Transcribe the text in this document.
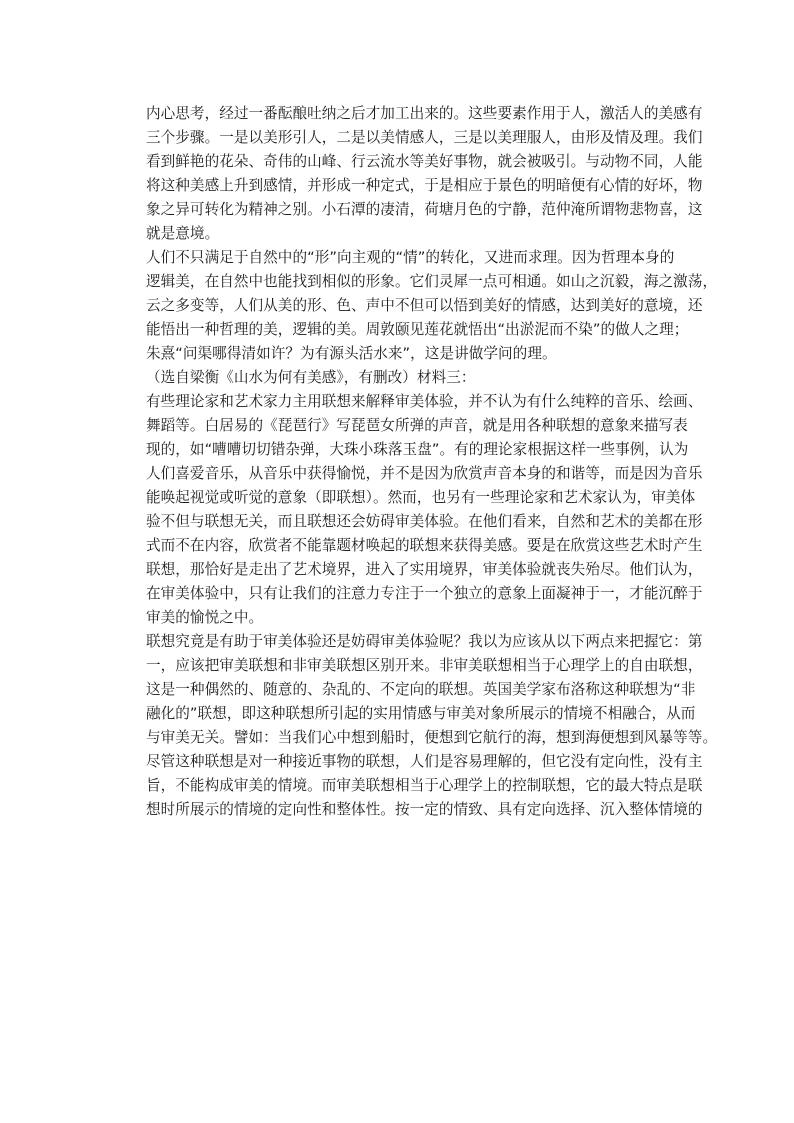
内心思考，经过一番酝酿吐纳之后才加工出来的。这些要素作用于人，激活人的美感有
三个步骤。一是以美形引人，二是以美情感人，三是以美理服人，由形及情及理。我们
看到鲜艳的花朵、奇伟的山峰、行云流水等美好事物，就会被吸引。与动物不同，人能
将这种美感上升到感情，并形成一种定式，于是相应于景色的明暗便有心情的好坏，物
象之异可转化为精神之别。小石潭的凄清，荷塘月色的宁静，范仲淹所谓物悲物喜，这
就是意境。
人们不只满足于自然中的“形”向主观的“情”的转化，又进而求理。因为哲理本身的
逻辑美，在自然中也能找到相似的形象。它们灵犀一点可相通。如山之沉毅，海之激荡，
云之多变等，人们从美的形、色、声中不但可以悟到美好的情感，达到美好的意境，还
能悟出一种哲理的美，逻辑的美。周敦颐见莲花就悟出“出淤泥而不染”的做人之理；
朱熹“问渠哪得清如许？为有源头活水来”，这是讲做学问的理。
（选自梁衡《山水为何有美感》，有删改）材料三：
有些理论家和艺术家力主用联想来解释审美体验，并不认为有什么纯粹的音乐、绘画、
舞蹈等。白居易的《琵琶行》写琵琶女所弹的声音，就是用各种联想的意象来描写表
现的，如“嘈嘈切切错杂弹，大珠小珠落玉盘”。有的理论家根据这样一些事例，认为
人们喜爱音乐，从音乐中获得愉悦，并不是因为欣赏声音本身的和谐等，而是因为音乐
能唤起视觉或听觉的意象（即联想）。然而，也另有一些理论家和艺术家认为，审美体
验不但与联想无关，而且联想还会妨碍审美体验。在他们看来，自然和艺术的美都在形
式而不在内容，欣赏者不能靠题材唤起的联想来获得美感。要是在欣赏这些艺术时产生
联想，那恰好是走出了艺术境界，进入了实用境界，审美体验就丧失殆尽。他们认为，
在审美体验中，只有让我们的注意力专注于一个独立的意象上面凝神于一，才能沉醉于
审美的愉悦之中。
联想究竟是有助于审美体验还是妨碍审美体验呢？我以为应该从以下两点来把握它：第
一，应该把审美联想和非审美联想区别开来。非审美联想相当于心理学上的自由联想，
这是一种偶然的、随意的、杂乱的、不定向的联想。英国美学家布洛称这种联想为“非
融化的”联想，即这种联想所引起的实用情感与审美对象所展示的情境不相融合，从而
与审美无关。譬如：当我们心中想到船时，便想到它航行的海，想到海便想到风暴等等。
尽管这种联想是对一种接近事物的联想，人们是容易理解的，但它没有定向性，没有主
旨，不能构成审美的情境。而审美联想相当于心理学上的控制联想，它的最大特点是联
想时所展示的情境的定向性和整体性。按一定的情致、具有定向选择、沉入整体情境的
